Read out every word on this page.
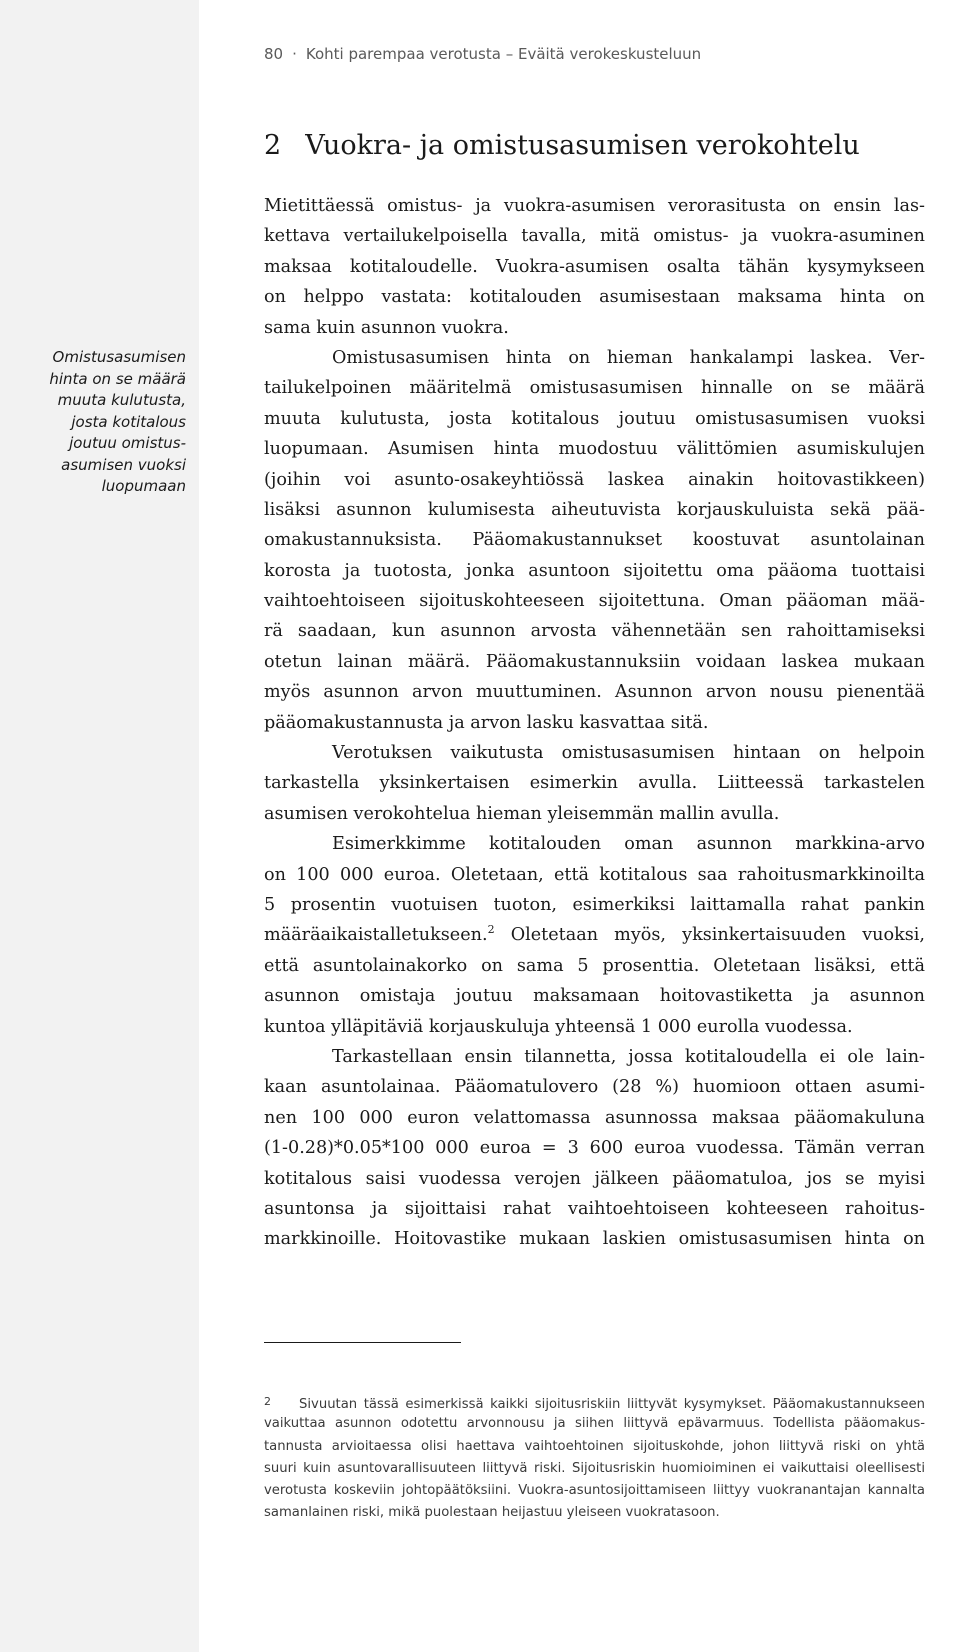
Omistusasumisen
hinta on se määrä
muuta kulutusta,
josta kotitalous
joutuu omistus-
asumisen vuoksi
luopumaan
80 · Kohti parempaa verotusta – Eväitä verokeskusteluun
2 Vuokra- ja omistusasumisen verokohtelu
Mietittäessä omistus- ja vuokra-asumisen verorasitusta on ensin las-
kettava vertailukelpoisella tavalla, mitä omistus- ja vuokra-asuminen
maksaa kotitaloudelle. Vuokra-asumisen osalta tähän kysymykseen
on helppo vastata: kotitalouden asumisestaan maksama hinta on
sama kuin asunnon vuokra.
Omistusasumisen hinta on hieman hankalampi laskea. Ver-
tailukelpoinen määritelmä omistusasumisen hinnalle on se määrä
muuta kulutusta, josta kotitalous joutuu omistusasumisen vuoksi
luopumaan. Asumisen hinta muodostuu välittömien asumiskulujen
(joihin voi asunto-osakeyhtiössä laskea ainakin hoitovastikkeen)
lisäksi asunnon kulumisesta aiheutuvista korjauskuluista sekä pää-
omakustannuksista. Pääomakustannukset koostuvat asuntolainan
korosta ja tuotosta, jonka asuntoon sijoitettu oma pääoma tuottaisi
vaihtoehtoiseen sijoituskohteeseen sijoitettuna. Oman pääoman mää-
rä saadaan, kun asunnon arvosta vähennetään sen rahoittamiseksi
otetun lainan määrä. Pääomakustannuksiin voidaan laskea mukaan
myös asunnon arvon muuttuminen. Asunnon arvon nousu pienentää
pääomakustannusta ja arvon lasku kasvattaa sitä.
Verotuksen vaikutusta omistusasumisen hintaan on helpoin
tarkastella yksinkertaisen esimerkin avulla. Liitteessä tarkastelen
asumisen verokohtelua hieman yleisemmän mallin avulla.
Esimerkkimme kotitalouden oman asunnon markkina-arvo
on 100 000 euroa. Oletetaan, että kotitalous saa rahoitusmarkkinoilta
5 prosentin vuotuisen tuoton, esimerkiksi laittamalla rahat pankin
määräaikaistalletukseen.$^2$ Oletetaan myös, yksinkertaisuuden vuoksi,
että asuntolainakorko on sama 5 prosenttia. Oletetaan lisäksi, että
asunnon omistaja joutuu maksamaan hoitovastiketta ja asunnon
kuntoa ylläpitäviä korjauskuluja yhteensä 1 000 eurolla vuodessa.
Tarkastellaan ensin tilannetta, jossa kotitaloudella ei ole lain-
kaan asuntolainaa. Pääomatulovero (28 %) huomioon ottaen asumi-
nen 100 000 euron velattomassa asunnossa maksaa pääomakuluna
(1-0.28)*0.05*100 000 euroa = 3 600 euroa vuodessa. Tämän verran
kotitalous saisi vuodessa verojen jälkeen pääomatuloa, jos se myisi
asuntonsa ja sijoittaisi rahat vaihtoehtoiseen kohteeseen rahoitus-
markkinoille. Hoitovastike mukaan laskien omistusasumisen hinta on
2 Sivuutan tässä esimerkissä kaikki sijoitusriskiin liittyvät kysymykset. Pääomakustannukseen
vaikuttaa asunnon odotettu arvonnousu ja siihen liittyvä epävarmuus. Todellista pääomakus-
tannusta arvioitaessa olisi haettava vaihtoehtoinen sijoituskohde, johon liittyvä riski on yhtä
suuri kuin asuntovarallisuuteen liittyvä riski. Sijoitusriskin huomioiminen ei vaikuttaisi oleellisesti
verotusta koskeviin johtopäätöksiini. Vuokra-asuntosijoittamiseen liittyy vuokranantajan kannalta
samanlainen riski, mikä puolestaan heijastuu yleiseen vuokratasoon.
